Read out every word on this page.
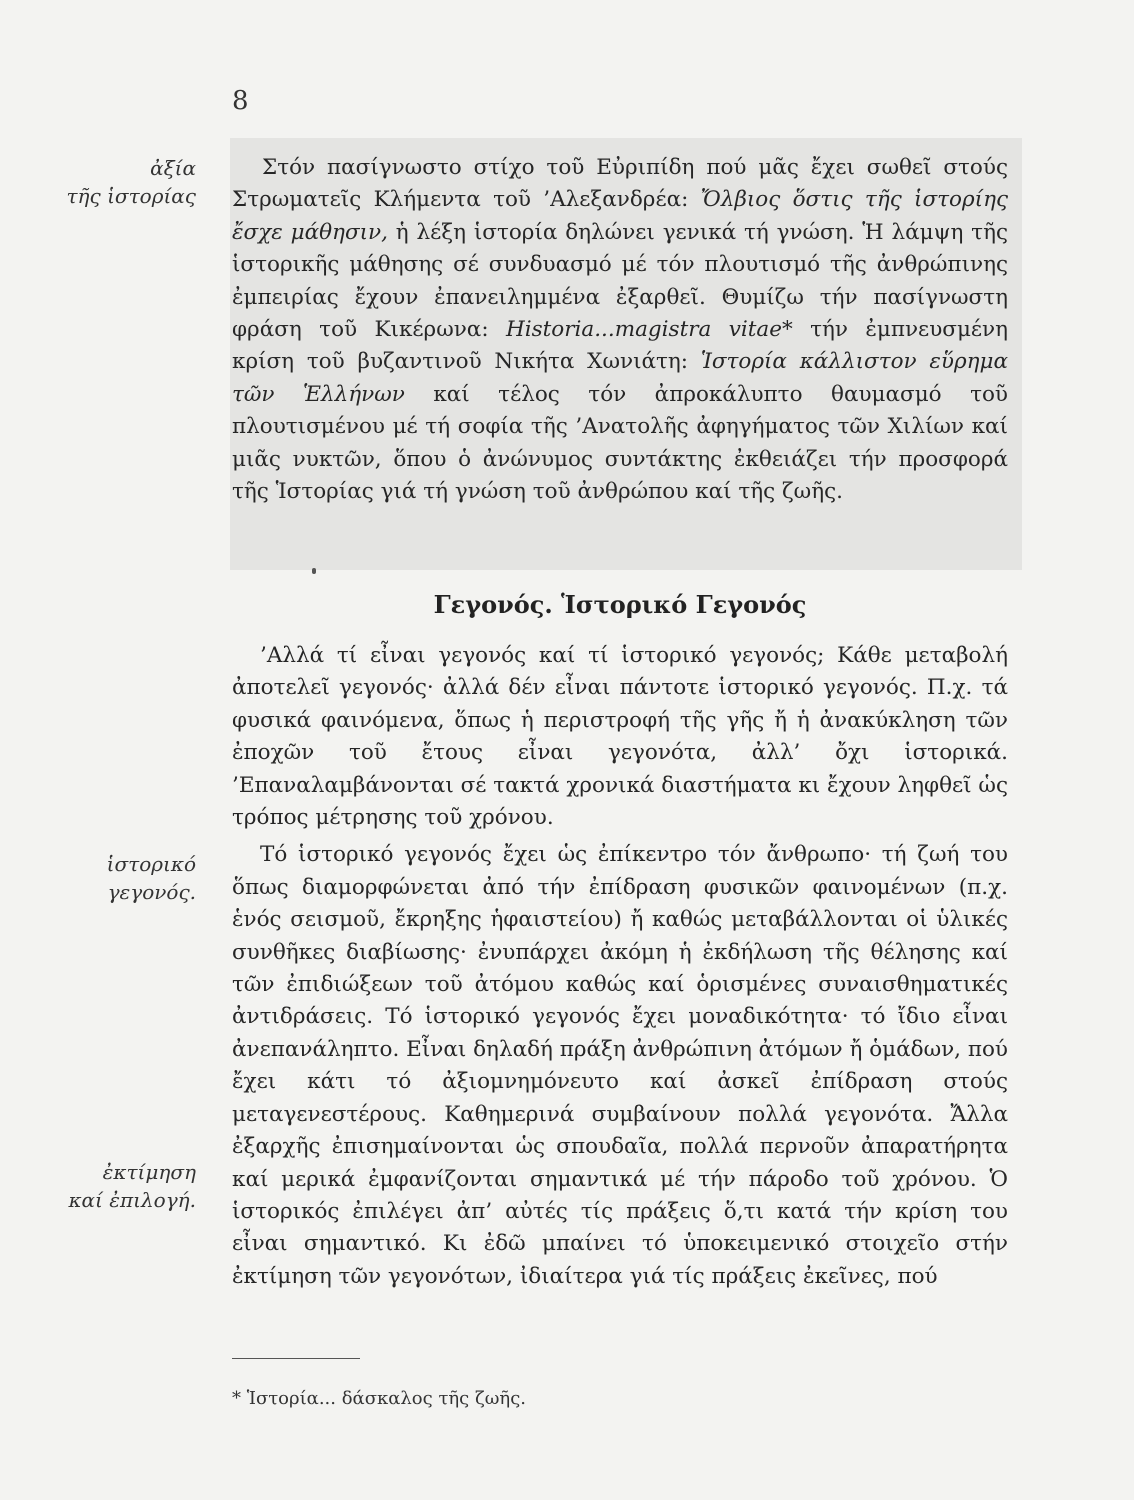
8
ἀξία
τῆς ἱστορίας
ἱστορικό
γεγονός.
ἐκτίμηση
καί ἐπιλογή.

Στόν πασίγνωστο στίχο τοῦ Εὐριπίδη πού μᾶς ἔχει σωθεῖ στούς Στρωματεῖς Κλήμεντα τοῦ ’Αλεξανδρέα: Ὄλβιος ὅστις τῆς ἱστορίης ἔσχε μάθησιν, ἡ λέξη ἱστορία δηλώνει γενικά τή γνώση. Ἡ λάμψη τῆς ἱστορικῆς μάθησης σέ συνδυασμό μέ τόν πλουτισμό τῆς ἀνθρώπινης ἐμπειρίας ἔχουν ἐπανειλημμένα ἐξαρθεῖ. Θυμίζω τήν πασίγνωστη φράση τοῦ Κικέρωνα: Historia...magistra vitae* τήν ἐμπνευσμένη κρίση τοῦ βυζαντινοῦ Νικήτα Χωνιάτη: Ἱστορία κάλλιστον εὕρημα τῶν Ἑλλήνων καί τέλος τόν ἀπροκάλυπτο θαυμασμό τοῦ πλουτισμένου μέ τή σοφία τῆς ’Ανατολῆς ἀφηγήματος τῶν Χιλίων καί μιᾶς νυκτῶν, ὅπου ὁ ἀνώνυμος συντάκτης ἐκθειάζει τήν προσφορά τῆς Ἱστορίας γιά τή γνώση τοῦ ἀνθρώπου καί τῆς ζωῆς.

Γεγονός. Ἱστορικό Γεγονός

’Αλλά τί εἶναι γεγονός καί τί ἱστορικό γεγονός; Κάθε μεταβολή ἀποτελεῖ γεγονός· ἀλλά δέν εἶναι πάντοτε ἱστορικό γεγονός. Π.χ. τά φυσικά φαινόμενα, ὅπως ἡ περιστροφή τῆς γῆς ἤ ἡ ἀνακύκληση τῶν ἐποχῶν τοῦ ἔτους εἶναι γεγονότα, ἀλλ’ ὄχι ἱστορικά. ’Επαναλαμβάνονται σέ τακτά χρονικά διαστήματα κι ἔχουν ληφθεῖ ὡς τρόπος μέτρησης τοῦ χρόνου.

Τό ἱστορικό γεγονός ἔχει ὡς ἐπίκεντρο τόν ἄνθρωπο· τή ζωή του ὅπως διαμορφώνεται ἀπό τήν ἐπίδραση φυσικῶν φαινομένων (π.χ. ἑνός σεισμοῦ, ἔκρηξης ἡφαιστείου) ἤ καθώς μεταβάλλονται οἱ ὑλικές συνθῆκες διαβίωσης· ἐνυπάρχει ἀκόμη ἡ ἐκδήλωση τῆς θέλησης καί τῶν ἐπιδιώξεων τοῦ ἀτόμου καθώς καί ὁρισμένες συναισθηματικές ἀντιδράσεις. Τό ἱστορικό γεγονός ἔχει μοναδικότητα· τό ἴδιο εἶναι ἀνεπανάληπτο. Εἶναι δηλαδή πράξη ἀνθρώπινη ἀτόμων ἤ ὁμάδων, πού ἔχει κάτι τό ἀξιομνημόνευτο καί ἀσκεῖ ἐπίδραση στούς μεταγενεστέρους. Καθημερινά συμβαίνουν πολλά γεγονότα. Ἄλλα ἐξαρχῆς ἐπισημαίνονται ὡς σπουδαῖα, πολλά περνοῦν ἀπαρατήρητα καί μερικά ἐμφανίζονται σημαντικά μέ τήν πάροδο τοῦ χρόνου. Ὁ ἱστορικός ἐπιλέγει ἀπ’ αὐτές τίς πράξεις ὅ,τι κατά τήν κρίση του εἶναι σημαντικό. Κι ἐδῶ μπαίνει τό ὑποκειμενικό στοιχεῖο στήν ἐκτίμηση τῶν γεγονότων, ἰδιαίτερα γιά τίς πράξεις ἐκεῖνες, πού

* Ἱστορία... δάσκαλος τῆς ζωῆς.
